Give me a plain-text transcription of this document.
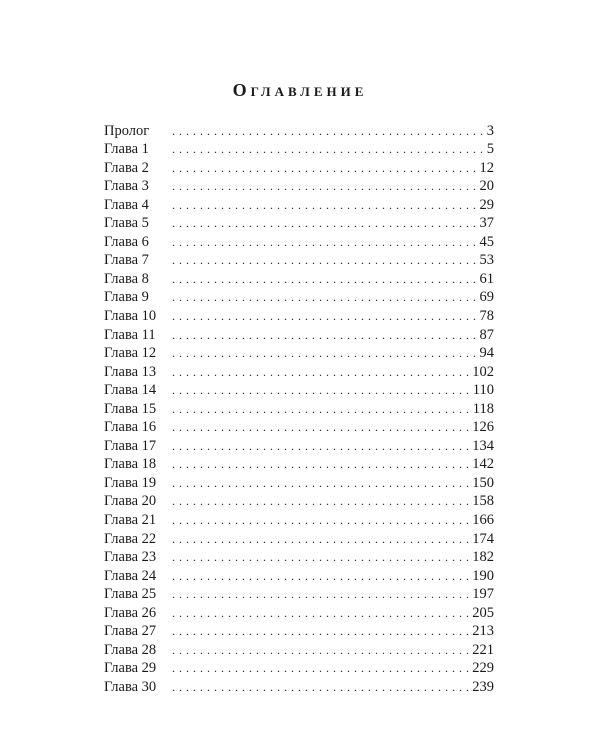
Оглавление
Пролог . . .	3
Глава 1 . . .	5
Глава 2 . . .	12
Глава 3 . . .	20
Глава 4 . . .	29
Глава 5 . . .	37
Глава 6 . . .	45
Глава 7 . . .	53
Глава 8 . . .	61
Глава 9 . . .	69
Глава 10 . . .	78
Глава 11 . . .	87
Глава 12 . . .	94
Глава 13 . . .	102
Глава 14 . . .	110
Глава 15 . . .	118
Глава 16 . . .	126
Глава 17 . . .	134
Глава 18 . . .	142
Глава 19 . . .	150
Глава 20 . . .	158
Глава 21 . . .	166
Глава 22 . . .	174
Глава 23 . . .	182
Глава 24 . . .	190
Глава 25 . . .	197
Глава 26 . . .	205
Глава 27 . . .	213
Глава 28 . . .	221
Глава 29 . . .	229
Глава 30 . . .	239
